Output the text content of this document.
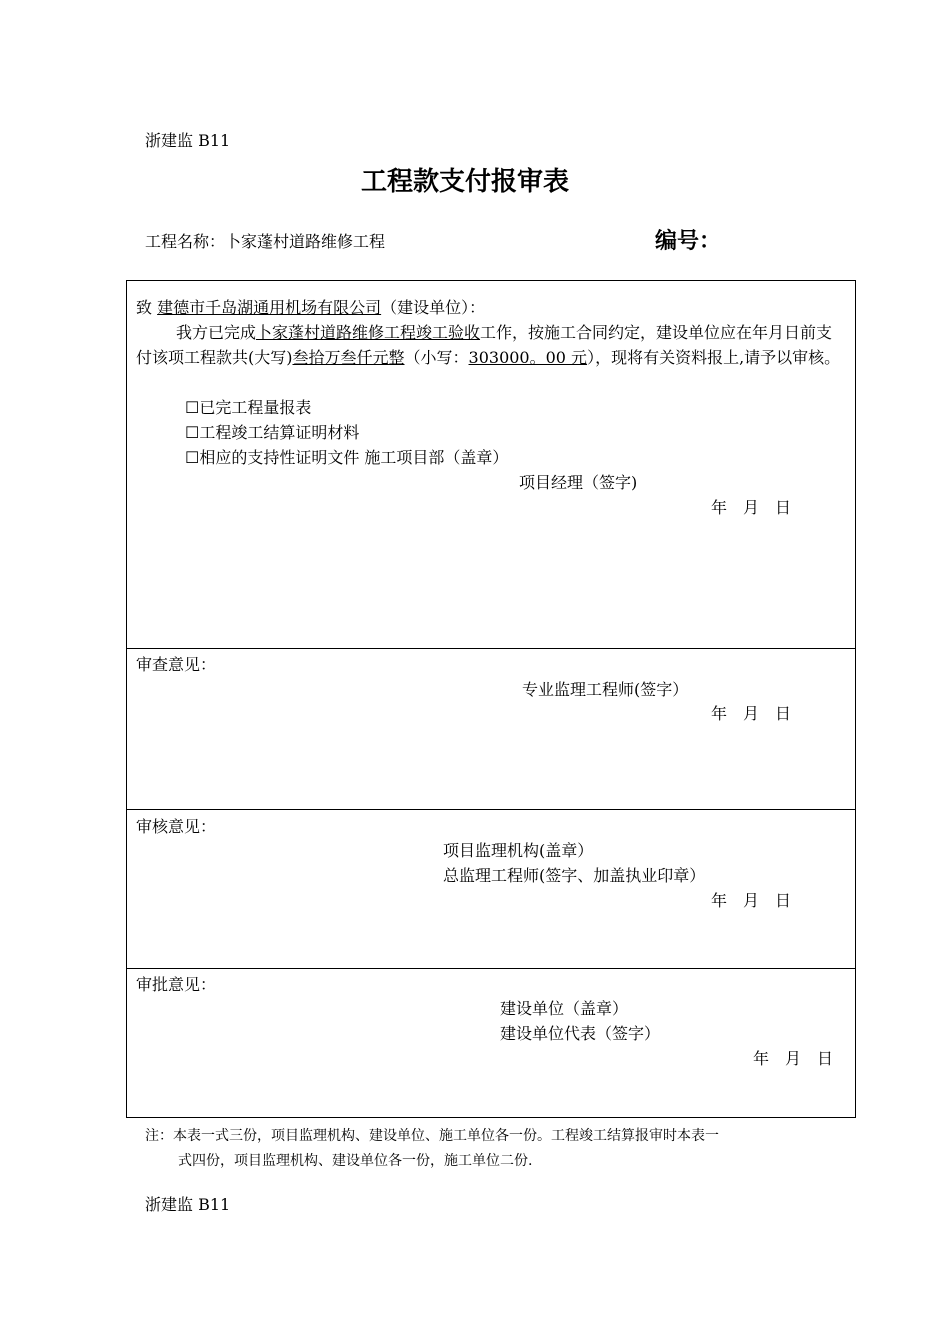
浙建监 B11
工程款支付报审表
工程名称：卜家蓬村道路维修工程	编号：
致 建德市千岛湖通用机场有限公司（建设单位）：
我方已完成卜家蓬村道路维修工程竣工验收工作，按施工合同约定，建设单位应在年月日前支付该项工程款共(大写)叁拾万叁仟元整（小写：303000。00 元），现将有关资料报上,请予以审核。
☐已完工程量报表
☐工程竣工结算证明材料
☐相应的支持性证明文件 施工项目部（盖章）
项目经理（签字)
年　月　日
审查意见：
专业监理工程师(签字）
年　月　日
审核意见：
项目监理机构(盖章）
总监理工程师(签字、加盖执业印章）
年　月　日
审批意见：
建设单位（盖章）
建设单位代表（签字）
年　月　日
注：本表一式三份，项目监理机构、建设单位、施工单位各一份。工程竣工结算报审时本表一
式四份，项目监理机构、建设单位各一份，施工单位二份.
浙建监 B11
